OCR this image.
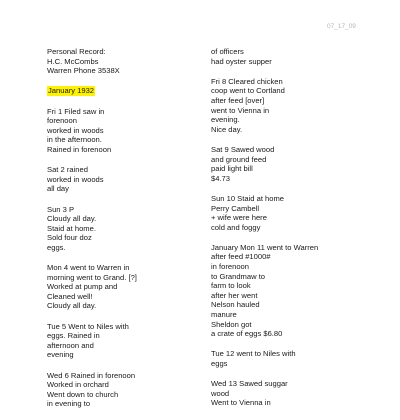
07_17_09
Personal Record:
H.C. McCombs
Warren Phone 3538X
January 1932
Fri 1 Filed saw in
forenoon
worked in woods
in the afternoon.
Rained in forenoon
Sat 2 rained
worked in woods
all day
Sun 3 P
Cloudy all day.
Staid at home.
Sold four doz
eggs.
Mon 4 went to Warren in
morning went to Grand. [?]
Worked at pump and
Cleaned well!
Cloudy all day.
Tue 5 Went to Niles with
eggs. Rained in
afternoon and
evening
Wed 6 Rained in forenoon
Worked in orchard
Went down to church
in evening to
of officers
had oyster supper
Fri 8 Cleared chicken
coop went to Cortland
after feed [over]
went to Vienna in
evening.
Nice day.
Sat 9 Sawed wood
and ground feed
paid light bill
$4.73
Sun 10 Staid at home
Perry Cambell
+ wife were here
cold and foggy
January Mon 11 went to Warren
after feed #1000#
in forenoon
to Grandmaw to
farm to look
after her went
Nelson hauled
manure
Sheldon got
a crate of eggs $6.80
Tue 12 went to Niles with
eggs
Wed 13 Sawed suggar
wood
Went to Vienna in
